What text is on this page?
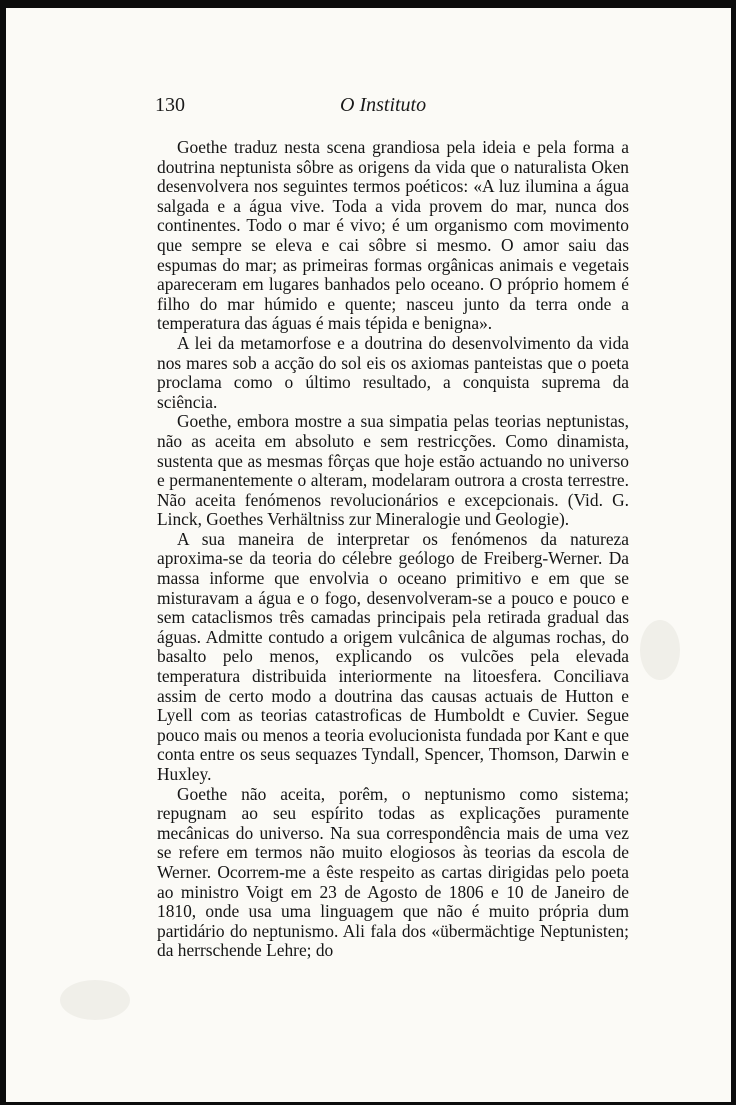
130	O Instituto

Goethe traduz nesta scena grandiosa pela ideia e pela forma a doutrina neptunista sôbre as origens da vida que o naturalista Oken desenvolvera nos seguintes termos poéticos: «A luz ilumina a água salgada e a água vive. Toda a vida provem do mar, nunca dos continentes. Todo o mar é vivo; é um organismo com movimento que sempre se eleva e cai sôbre si mesmo. O amor saiu das espumas do mar; as primeiras formas orgânicas animais e vegetais apareceram em lugares banhados pelo oceano. O próprio homem é filho do mar húmido e quente; nasceu junto da terra onde a temperatura das águas é mais tépida e benigna».

A lei da metamorfose e a doutrina do desenvolvimento da vida nos mares sob a acção do sol eis os axiomas panteistas que o poeta proclama como o último resultado, a conquista suprema da sciência.

Goethe, embora mostre a sua simpatia pelas teorias neptunistas, não as aceita em absoluto e sem restricções. Como dinamista, sustenta que as mesmas fôrças que hoje estão actuando no universo e permanentemente o alteram, modelaram outrora a crosta terrestre. Não aceita fenómenos revolucionários e excepcionais. (Vid. G. Linck, Goethes Verhältniss zur Mineralogie und Geologie).

A sua maneira de interpretar os fenómenos da natureza aproxima-se da teoria do célebre geólogo de Freiberg-Werner. Da massa informe que envolvia o oceano primitivo e em que se misturavam a água e o fogo, desenvolveram-se a pouco e pouco e sem cataclismos três camadas principais pela retirada gradual das águas. Admitte contudo a origem vulcânica de algumas rochas, do basalto pelo menos, explicando os vulcões pela elevada temperatura distribuida interiormente na litoesfera. Conciliava assim de certo modo a doutrina das causas actuais de Hutton e Lyell com as teorias catastroficas de Humboldt e Cuvier. Segue pouco mais ou menos a teoria evolucionista fundada por Kant e que conta entre os seus sequazes Tyndall, Spencer, Thomson, Darwin e Huxley.

Goethe não aceita, porêm, o neptunismo como sistema; repugnam ao seu espírito todas as explicações puramente mecânicas do universo. Na sua correspondência mais de uma vez se refere em termos não muito elogiosos às teorias da escola de Werner. Ocorrem-me a êste respeito as cartas dirigidas pelo poeta ao ministro Voigt em 23 de Agosto de 1806 e 10 de Janeiro de 1810, onde usa uma linguagem que não é muito própria dum partidário do neptunismo. Ali fala dos «übermächtige Neptunisten; da herrschende Lehre; do
